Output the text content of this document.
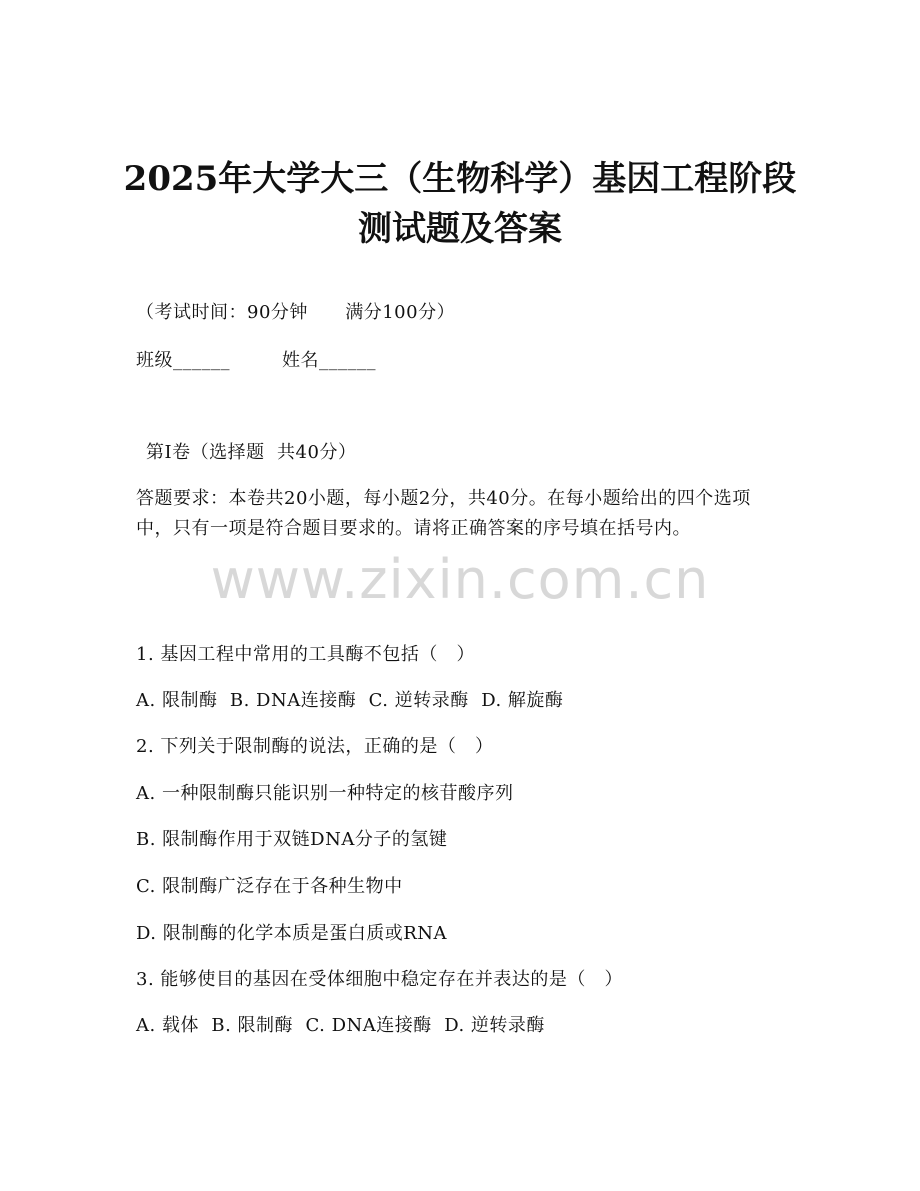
2025年大学大三（生物科学）基因工程阶段
测试题及答案
（考试时间：90分钟      满分100分）
班级______	姓名______
第I卷（选择题  共40分）
答题要求：本卷共20小题，每小题2分，共40分。在每小题给出的四个选项中，只有一项是符合题目要求的。请将正确答案的序号填在括号内。
www.zixin.com.cn
1. 基因工程中常用的工具酶不包括（   ）
A. 限制酶  B. DNA连接酶  C. 逆转录酶  D. 解旋酶
2. 下列关于限制酶的说法，正确的是（   ）
A. 一种限制酶只能识别一种特定的核苷酸序列
B. 限制酶作用于双链DNA分子的氢键
C. 限制酶广泛存在于各种生物中
D. 限制酶的化学本质是蛋白质或RNA
3. 能够使目的基因在受体细胞中稳定存在并表达的是（   ）
A. 载体  B. 限制酶  C. DNA连接酶  D. 逆转录酶
